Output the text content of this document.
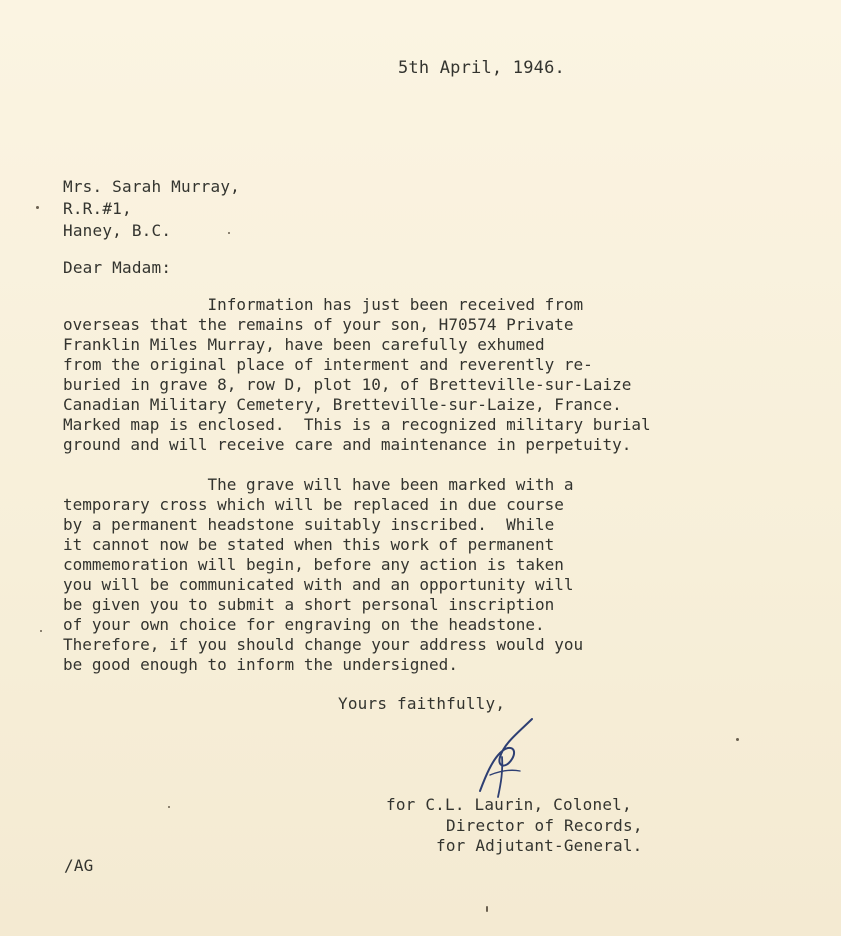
5th April, 1946.

Mrs. Sarah Murray,

R.R.#1,

Haney, B.C.

Dear Madam:

Information has just been received from
overseas that the remains of your son, H70574 Private
Franklin Miles Murray, have been carefully exhumed
from the original place of interment and reverently re-
buried in grave 8, row D, plot 10, of Bretteville-sur-Laize
Canadian Military Cemetery, Bretteville-sur-Laize, France.
Marked map is enclosed.  This is a recognized military burial
ground and will receive care and maintenance in perpetuity.
The grave will have been marked with a
temporary cross which will be replaced in due course
by a permanent headstone suitably inscribed.  While
it cannot now be stated when this work of permanent
commemoration will begin, before any action is taken
you will be communicated with and an opportunity will
be given you to submit a short personal inscription
of your own choice for engraving on the headstone.
Therefore, if you should change your address would you
be good enough to inform the undersigned.

Yours faithfully,

for C.L. Laurin, Colonel,

Director of Records,

for Adjutant-General.

/AG
